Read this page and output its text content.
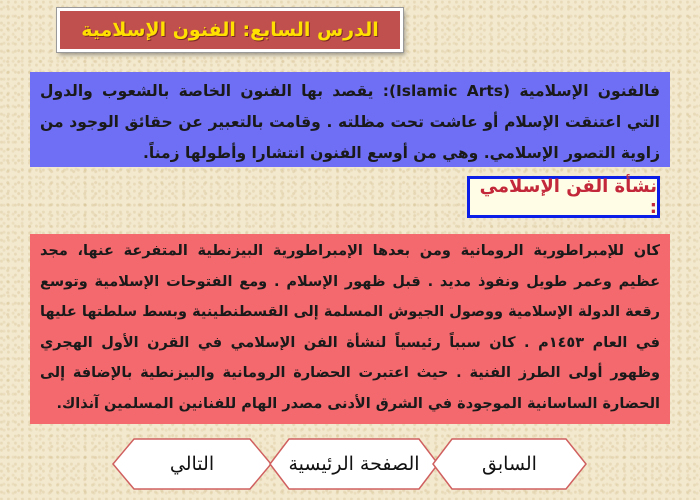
الدرس السابع: الفنون الإسلامية
فالفنون الإسلامية (Islamic Arts): يقصد بها الفنون الخاصة بالشعوب والدول التي اعتنقت الإسلام أو عاشت تحت مظلته . وقامت بالتعبير عن حقائق الوجود من زاوية التصور الإسلامي. وهي من أوسع الفنون انتشارا وأطولها زمناً.
نشأة الفن الإسلامي :
كان للإمبراطورية الرومانية ومن بعدها الإمبراطورية البيزنطية المتفرعة عنها، مجد عظيم وعمر طويل ونفوذ مديد . قبل ظهور الإسلام . ومع الفتوحات الإسلامية وتوسع رقعة الدولة الإسلامية ووصول الجيوش المسلمة إلى القسطنطينية وبسط سلطتها عليها في العام ١٤٥٣م . كان سبباً رئيسياً لنشأة الفن الإسلامي في القرن الأول الهجري وظهور أولى الطرز الفنية . حيث اعتبرت الحضارة الرومانية والبيزنطية بالإضافة إلى الحضارة الساسانية الموجودة في الشرق الأدنى مصدر الهام للفنانين المسلمين آنذاك.
التالي	الصفحة الرئيسية	السابق
